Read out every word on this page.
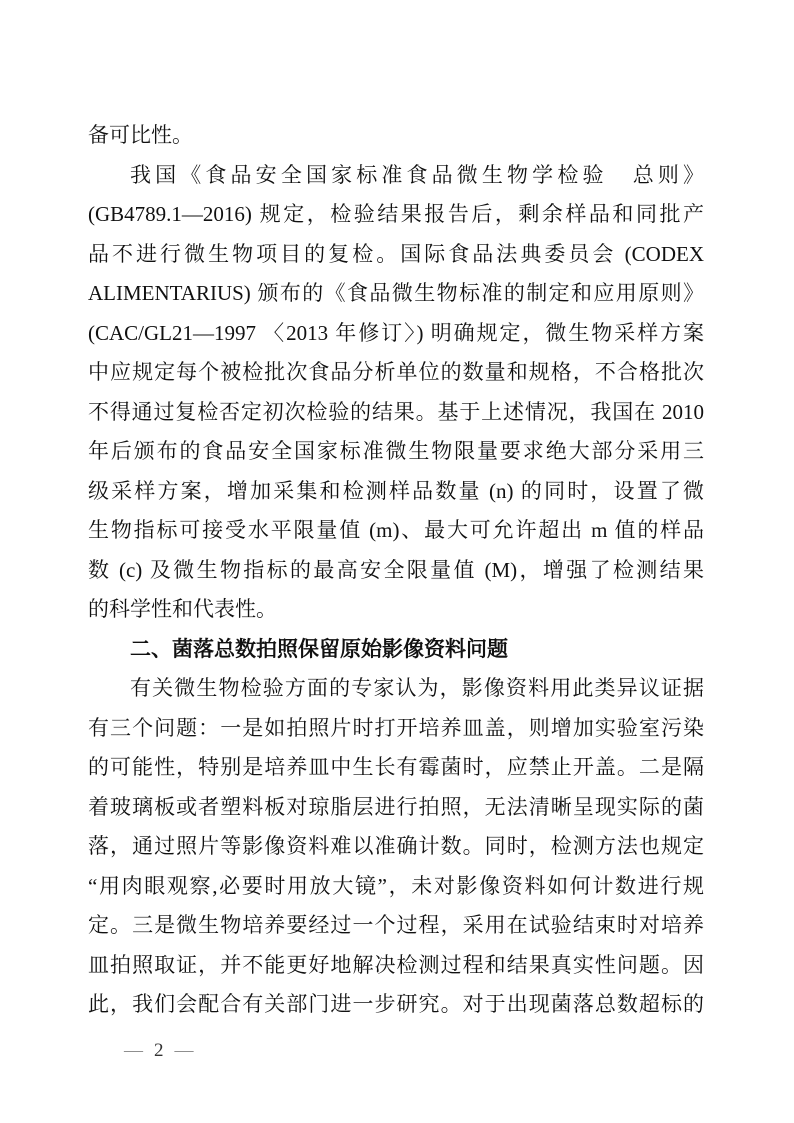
备可比性。
我国《食品安全国家标准食品微生物学检验　总则》
(GB4789.1—2016) 规定，检验结果报告后，剩余样品和同批产
品不进行微生物项目的复检。国际食品法典委员会 (CODEX
ALIMENTARIUS) 颁布的《食品微生物标准的制定和应用原则》
(CAC/GL21—1997 〈2013 年修订〉) 明确规定，微生物采样方案
中应规定每个被检批次食品分析单位的数量和规格，不合格批次
不得通过复检否定初次检验的结果。基于上述情况，我国在 2010
年后颁布的食品安全国家标准微生物限量要求绝大部分采用三
级采样方案，增加采集和检测样品数量 (n) 的同时，设置了微
生物指标可接受水平限量值 (m)、最大可允许超出 m 值的样品
数 (c) 及微生物指标的最高安全限量值 (M)，增强了检测结果
的科学性和代表性。
二、菌落总数拍照保留原始影像资料问题
有关微生物检验方面的专家认为，影像资料用此类异议证据
有三个问题：一是如拍照片时打开培养皿盖，则增加实验室污染
的可能性，特别是培养皿中生长有霉菌时，应禁止开盖。二是隔
着玻璃板或者塑料板对琼脂层进行拍照，无法清晰呈现实际的菌
落，通过照片等影像资料难以准确计数。同时，检测方法也规定
“用肉眼观察,必要时用放大镜”，未对影像资料如何计数进行规
定。三是微生物培养要经过一个过程，采用在试验结束时对培养
皿拍照取证，并不能更好地解决检测过程和结果真实性问题。因
此，我们会配合有关部门进一步研究。对于出现菌落总数超标的
— 2 —
